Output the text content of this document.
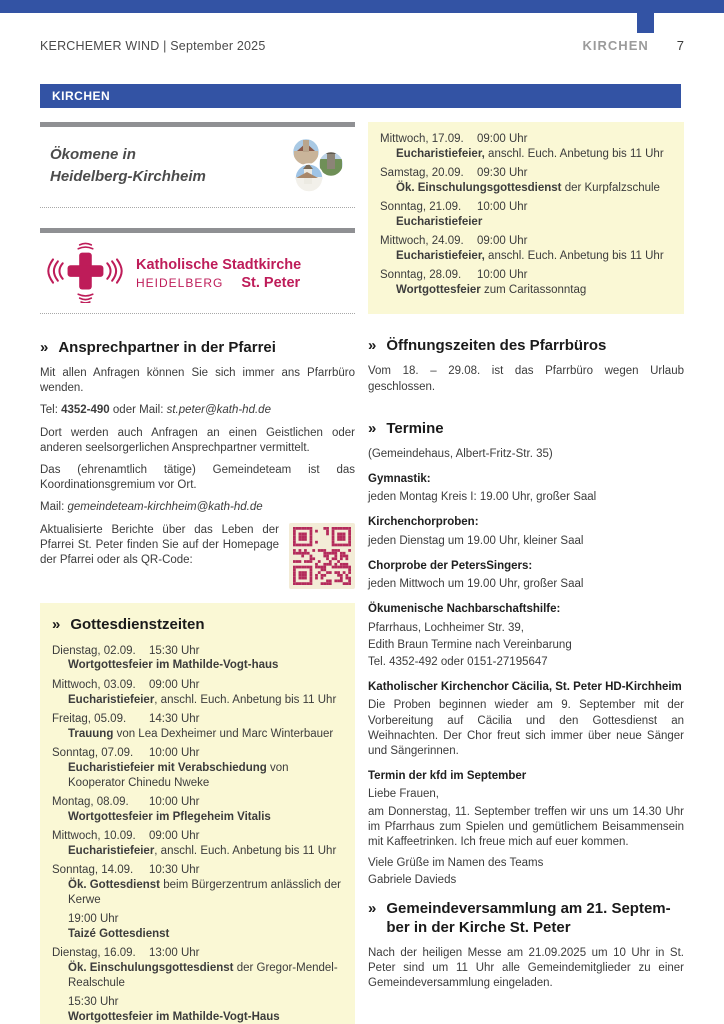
KERCHEMER WIND | September 2025	KIRCHEN 7
KIRCHEN
Ökomene in
Heidelberg-Kirchheim
Katholische Stadtkirche
HEIDELBERG St. Peter
» Ansprechpartner in der Pfarrei

Mit allen Anfragen können Sie sich immer ans Pfarrbüro wenden.

Tel: 4352-490 oder Mail: st.peter@kath-hd.de

Dort werden auch Anfragen an einen Geistlichen oder anderen seelsorgerlichen Ansprechpartner vermittelt.

Das (ehrenamtlich tätige) Gemeindeteam ist das Koordinationsgremium vor Ort.

Mail: gemeindeteam-kirchheim@kath-hd.de

Aktualisierte Berichte über das Leben der Pfarrei St. Peter finden Sie auf der Homepage der Pfarrei oder als QR-Code:

» Gottesdienstzeiten
Dienstag, 02.09.	15:30 Uhr
Wortgottesfeier im Mathilde-Vogt-haus
Mittwoch, 03.09.	09:00 Uhr
Eucharistiefeier, anschl. Euch. Anbetung bis 11 Uhr
Freitag, 05.09.	14:30 Uhr
Trauung von Lea Dexheimer und Marc Winterbauer
Sonntag, 07.09.	10:00 Uhr
Eucharistiefeier mit Verabschiedung von Kooperator Chinedu Nweke
Montag, 08.09.	10:00 Uhr
Wortgottesfeier im Pflegeheim Vitalis
Mittwoch, 10.09.	09:00 Uhr
Eucharistiefeier, anschl. Euch. Anbetung bis 11 Uhr
Sonntag, 14.09.	10:30 Uhr
Ök. Gottesdienst beim Bürgerzentrum anlässlich der Kerwe
19:00 Uhr
Taizé Gottesdienst
Dienstag, 16.09.	13:00 Uhr
Ök. Einschulungsgottesdienst der Gregor-Mendel-Realschule
15:30 Uhr
Wortgottesfeier im Mathilde-Vogt-Haus
Mittwoch, 17.09.	09:00 Uhr
Eucharistiefeier, anschl. Euch. Anbetung bis 11 Uhr
Samstag, 20.09.	09:30 Uhr
Ök. Einschulungsgottesdienst der Kurpfalzschule
Sonntag, 21.09.	10:00 Uhr
Eucharistiefeier
Mittwoch, 24.09.	09:00 Uhr
Eucharistiefeier, anschl. Euch. Anbetung bis 11 Uhr
Sonntag, 28.09.	10:00 Uhr
Wortgottesfeier zum Caritassonntag
» Öffnungszeiten des Pfarrbüros

Vom 18. – 29.08. ist das Pfarrbüro wegen Urlaub geschlossen.

» Termine
(Gemeindehaus, Albert-Fritz-Str. 35)
Gymnastik:
jeden Montag Kreis I: 19.00 Uhr, großer Saal
Kirchenchorproben:
jeden Dienstag um 19.00 Uhr, kleiner Saal
Chorprobe der PetersSingers:
jeden Mittwoch um 19.00 Uhr, großer Saal
Ökumenische Nachbarschaftshilfe:
Pfarrhaus, Lochheimer Str. 39,
Edith Braun Termine nach Vereinbarung
Tel. 4352-492 oder 0151-27195647
Katholischer Kirchenchor Cäcilia, St. Peter HD-Kirchheim
Die Proben beginnen wieder am 9. September mit der Vorbereitung auf Cäcilia und den Gottesdienst an Weihnachten. Der Chor freut sich immer über neue Sänger und Sängerinnen.
Termin der kfd im September
Liebe Frauen,
am Donnerstag, 11. September treffen wir uns um 14.30 Uhr im Pfarrhaus zum Spielen und gemütlichem Beisammensein mit Kaffeetrinken. Ich freue mich auf euer kommen.
Viele Grüße im Namen des Teams
Gabriele Davieds
» Gemeindeversammlung am 21. Septem-
ber in der Kirche St. Peter

Nach der heiligen Messe am 21.09.2025 um 10 Uhr in St. Peter sind um 11 Uhr alle Gemeindemitglieder zu einer Gemeindeversammlung eingeladen.
